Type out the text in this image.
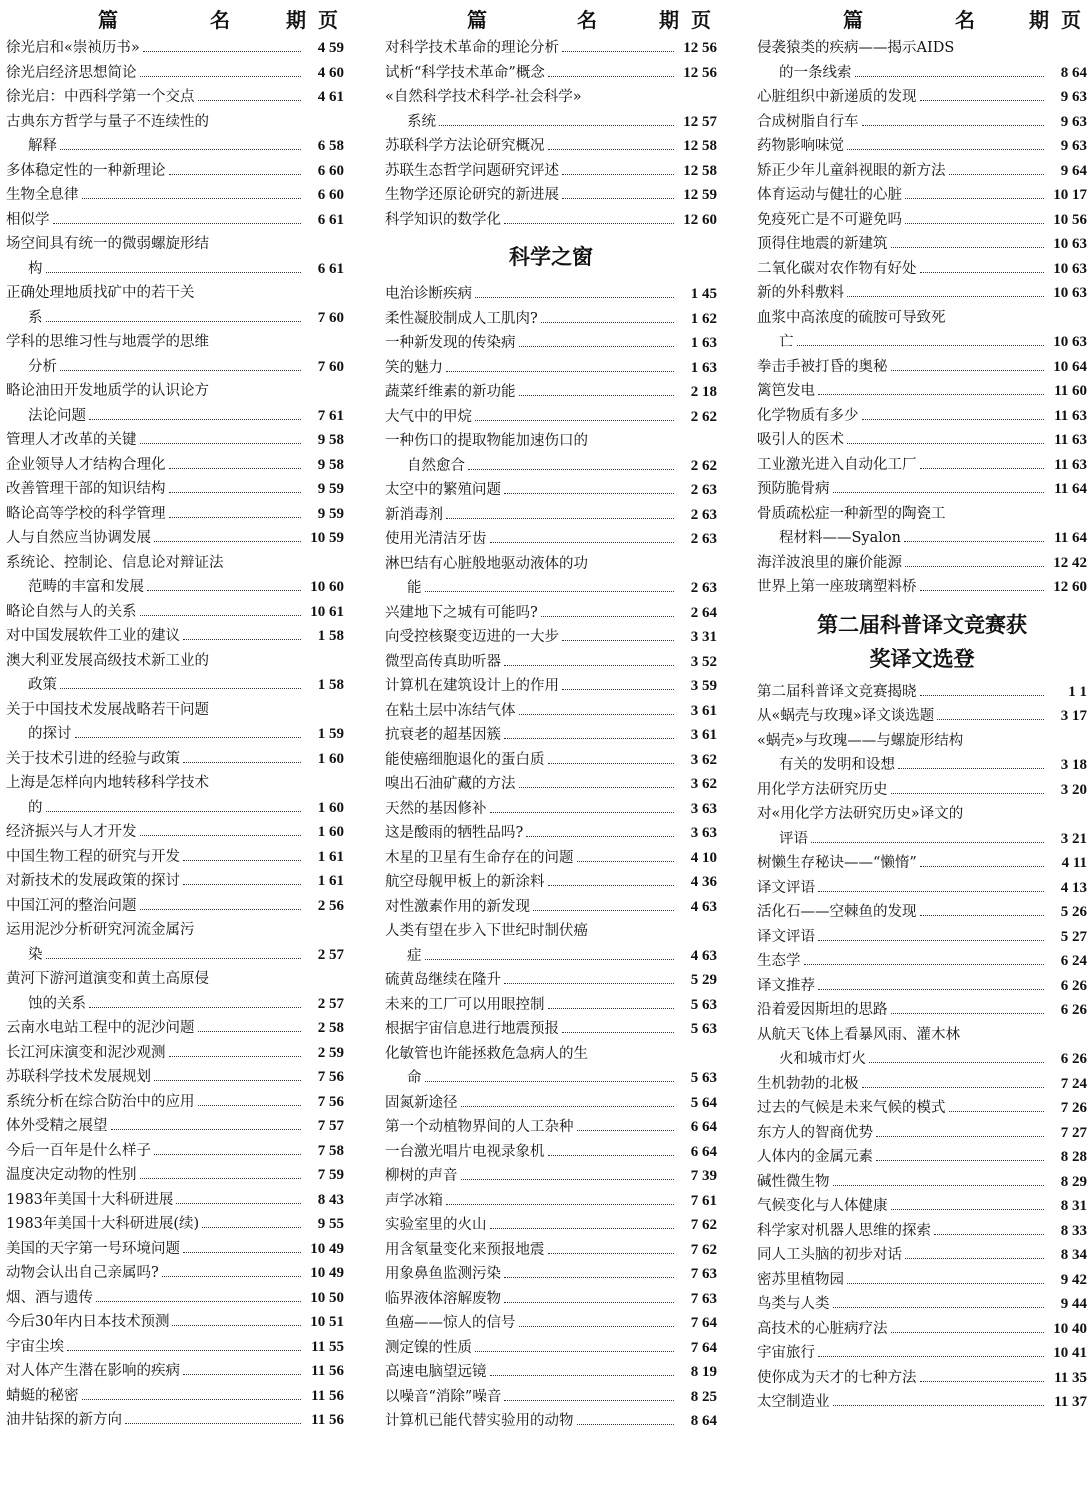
篇	名	期 页
徐光启和«崇祯历书»	4 59
徐光启经济思想简论	4 60
徐光启：中西科学第一个交点	4 61
古典东方哲学与量子不连续性的
解释	6 58
多体稳定性的一种新理论	6 60
生物全息律	6 60
相似学	6 61
场空间具有统一的微弱螺旋形结
构	6 61
正确处理地质找矿中的若干关
系	7 60
学科的思维习性与地震学的思维
分析	7 60
略论油田开发地质学的认识论方
法论问题	7 61
管理人才改革的关键	9 58
企业领导人才结构合理化	9 58
改善管理干部的知识结构	9 59
略论高等学校的科学管理	9 59
人与自然应当协调发展	10 59
系统论、控制论、信息论对辩证法
范畴的丰富和发展	10 60
略论自然与人的关系	10 61
对中国发展软件工业的建议	1 58
澳大利亚发展高级技术新工业的
政策	1 58
关于中国技术发展战略若干问题
的探讨	1 59
关于技术引进的经验与政策	1 60
上海是怎样向内地转移科学技术
的	1 60
经济振兴与人才开发	1 60
中国生物工程的研究与开发	1 61
对新技术的发展政策的探讨	1 61
中国江河的整治问题	2 56
运用泥沙分析研究河流金属污
染	2 57
黄河下游河道演变和黄土高原侵
蚀的关系	2 57
云南水电站工程中的泥沙问题	2 58
长江河床演变和泥沙观测	2 59
苏联科学技术发展规划	7 56
系统分析在综合防治中的应用	7 56
体外受精之展望	7 57
今后一百年是什么样子	7 58
温度决定动物的性别	7 59
1983年美国十大科研进展	8 43
1983年美国十大科研进展(续)	9 55
美国的天字第一号环境问题	10 49
动物会认出自己亲属吗?	10 49
烟、酒与遗传	10 50
今后30年内日本技术预测	10 51
宇宙尘埃	11 55
对人体产生潜在影响的疾病	11 56
蜻蜓的秘密	11 56
油井钻探的新方向	11 56
篇	名	期 页
对科学技术革命的理论分析	12 56
试析“科学技术革命”概念	12 56
«自然科学技术科学-社会科学»
系统	12 57
苏联科学方法论研究概况	12 58
苏联生态哲学问题研究评述	12 58
生物学还原论研究的新进展	12 59
科学知识的数学化	12 60
科学之窗
电治诊断疾病	1 45
柔性凝胶制成人工肌肉?	1 62
一种新发现的传染病	1 63
笑的魅力	1 63
蔬菜纤维素的新功能	2 18
大气中的甲烷	2 62
一种伤口的提取物能加速伤口的
自然愈合	2 62
太空中的繁殖问题	2 63
新消毒剂	2 63
使用光清洁牙齿	2 63
淋巴结有心脏般地驱动液体的功
能	2 63
兴建地下之城有可能吗?	2 64
向受控核聚变迈进的一大步	3 31
微型高传真助听器	3 52
计算机在建筑设计上的作用	3 59
在粘土层中冻结气体	3 61
抗衰老的超基因簇	3 61
能使癌细胞退化的蛋白质	3 62
嗅出石油矿藏的方法	3 62
天然的基因修补	3 63
这是酸雨的牺牲品吗?	3 63
木星的卫星有生命存在的问题	4 10
航空母舰甲板上的新涂料	4 36
对性激素作用的新发现	4 63
人类有望在步入下世纪时制伏癌
症	4 63
硫黄岛继续在隆升	5 29
未来的工厂可以用眼控制	5 63
根据宇宙信息进行地震预报	5 63
化敏管也许能拯救危急病人的生
命	5 63
固氮新途径	5 64
第一个动植物界间的人工杂种	6 64
一台激光唱片电视录象机	6 64
柳树的声音	7 39
声学冰箱	7 61
实验室里的火山	7 62
用含氡量变化来预报地震	7 62
用象鼻鱼监测污染	7 63
临界液体溶解废物	7 63
鱼癌——惊人的信号	7 64
测定镍的性质	7 64
高速电脑望远镜	8 19
以噪音“消除”噪音	8 25
计算机已能代替实验用的动物	8 64
篇	名	期 页
侵袭猿类的疾病——揭示AIDS
的一条线索	8 64
心脏组织中新递质的发现	9 63
合成树脂自行车	9 63
药物影响味觉	9 63
矫正少年儿童斜视眼的新方法	9 64
体育运动与健壮的心脏	10 17
免疫死亡是不可避免吗	10 56
顶得住地震的新建筑	10 63
二氧化碳对农作物有好处	10 63
新的外科敷料	10 63
血浆中高浓度的硫胺可导致死
亡	10 63
拳击手被打昏的奥秘	10 64
篱笆发电	11 60
化学物质有多少	11 63
吸引人的医术	11 63
工业激光进入自动化工厂	11 63
预防脆骨病	11 64
骨质疏松症一种新型的陶瓷工
程材料——Syalon	11 64
海洋波浪里的廉价能源	12 42
世界上第一座玻璃塑料桥	12 60
第二届科普译文竞赛获
奖译文选登
第二届科普译文竞赛揭晓	1 1
从«蜗壳与玫瑰»译文谈选题	3 17
«蜗壳»与玫瑰——与螺旋形结构
有关的发明和设想	3 18
用化学方法研究历史	3 20
对«用化学方法研究历史»译文的
评语	3 21
树懒生存秘诀——“懒惰”	4 11
译文评语	4 13
活化石——空棘鱼的发现	5 26
译文评语	5 27
生态学	6 24
译文推荐	6 26
沿着爱因斯坦的思路	6 26
从航天飞体上看暴风雨、灌木林
火和城市灯火	6 26
生机勃勃的北极	7 24
过去的气候是未来气候的模式	7 26
东方人的智商优势	7 27
人体内的金属元素	8 28
碱性微生物	8 29
气候变化与人体健康	8 31
科学家对机器人思维的探索	8 33
同人工头脑的初步对话	8 34
密苏里植物园	9 42
鸟类与人类	9 44
高技术的心脏病疗法	10 40
宇宙旅行	10 41
使你成为天才的七种方法	11 35
太空制造业	11 37
